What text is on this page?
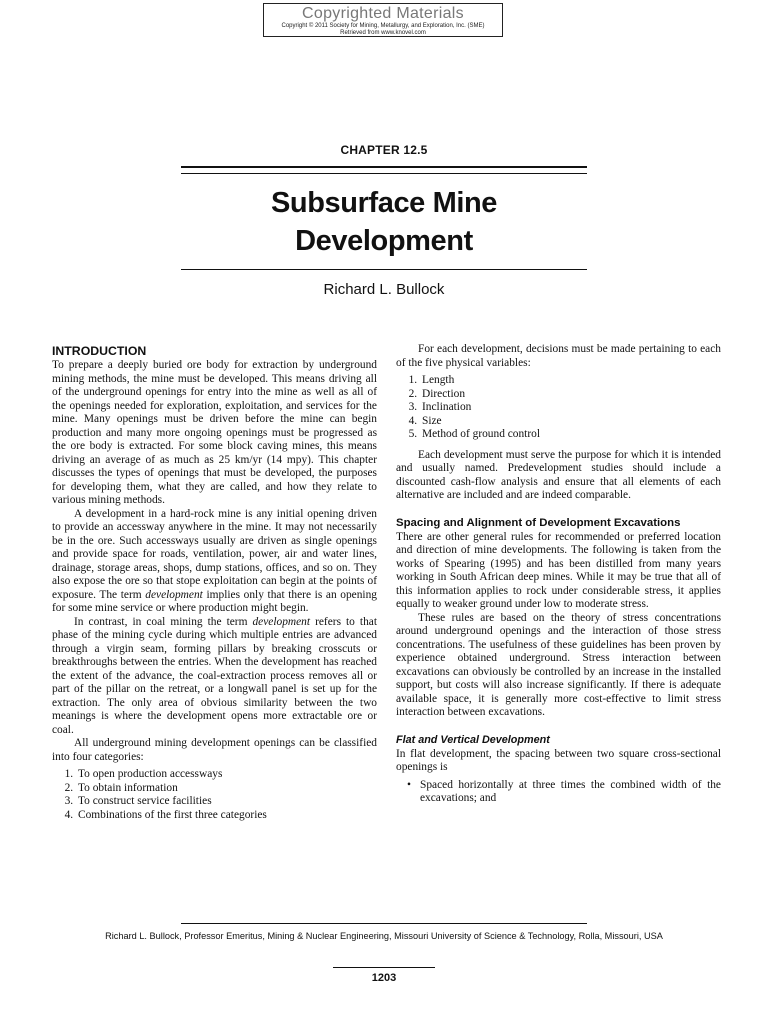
Copyrighted Materials
Copyright © 2011 Society for Mining, Metallurgy, and Exploration, Inc. (SME)
Retrieved from www.knovel.com
CHAPTER 12.5
Subsurface Mine
Development
Richard L. Bullock
INTRODUCTION

To prepare a deeply buried ore body for extraction by underground mining methods, the mine must be developed. This means driving all of the underground openings for entry into the mine as well as all of the openings needed for exploration, exploitation, and services for the mine. Many openings must be driven before the mine can begin production and many more ongoing openings must be progressed as the ore body is extracted. For some block caving mines, this means driving an average of as much as 25 km/yr (14 mpy). This chapter discusses the types of openings that must be developed, the purposes for developing them, what they are called, and how they relate to various mining methods.

A development in a hard-rock mine is any initial opening driven to provide an accessway anywhere in the mine. It may not necessarily be in the ore. Such accessways usually are driven as single openings and provide space for roads, ventilation, power, air and water lines, drainage, storage areas, shops, dump stations, offices, and so on. They also expose the ore so that stope exploitation can begin at the points of exposure. The term development implies only that there is an opening for some mine service or where production might begin.

In contrast, in coal mining the term development refers to that phase of the mining cycle during which multiple entries are advanced through a virgin seam, forming pillars by breaking crosscuts or breakthroughs between the entries. When the development has reached the extent of the advance, the coal-extraction process removes all or part of the pillar on the retreat, or a longwall panel is set up for the extraction. The only area of obvious similarity between the two meanings is where the development opens more extractable ore or coal.

All underground mining development openings can be classified into four categories:

1. To open production accessways
2. To obtain information
3. To construct service facilities
4. Combinations of the first three categories

For each development, decisions must be made pertaining to each of the five physical variables:

1. Length
2. Direction
3. Inclination
4. Size
5. Method of ground control

Each development must serve the purpose for which it is intended and usually named. Predevelopment studies should include a discounted cash-flow analysis and ensure that all elements of each alternative are included and are indeed comparable.

Spacing and Alignment of Development Excavations

There are other general rules for recommended or preferred location and direction of mine developments. The following is taken from the works of Spearing (1995) and has been distilled from many years working in South African deep mines. While it may be true that all of this information applies to rock under considerable stress, it applies equally to weaker ground under low to moderate stress.

These rules are based on the theory of stress concentrations around underground openings and the interaction of those stress concentrations. The usefulness of these guidelines has been proven by experience obtained underground. Stress interaction between excavations can obviously be controlled by an increase in the installed support, but costs will also increase significantly. If there is adequate available space, it is generally more cost-effective to limit stress interaction between excavations.

Flat and Vertical Development

In flat development, the spacing between two square cross-sectional openings is

• Spaced horizontally at three times the combined width of the excavations; and
Richard L. Bullock, Professor Emeritus, Mining & Nuclear Engineering, Missouri University of Science & Technology, Rolla, Missouri, USA
1203
